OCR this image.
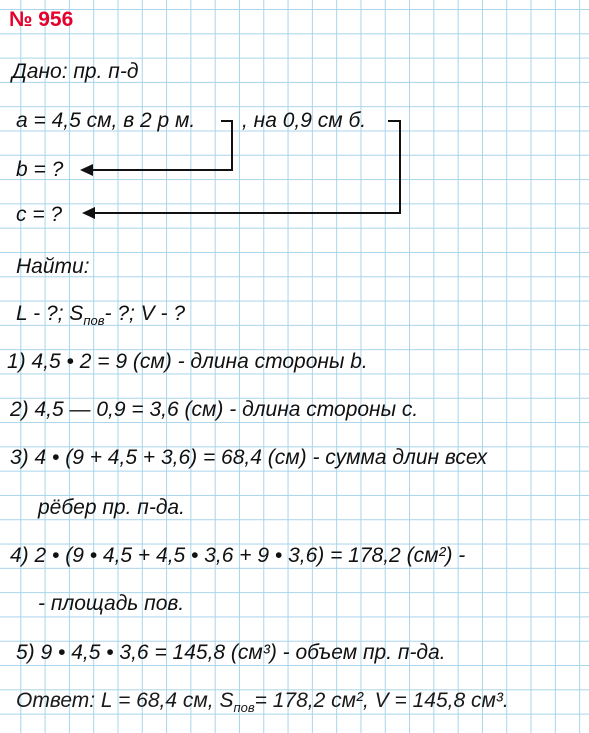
№ 956
Дано: пр. п-д
a = 4,5 см, в 2 р м. , на 0,9 см б.
b = ?
c = ?
Найти:
L - ?; $S_{пов}-$ ?; V - ?
1) 4,5 • 2 = 9 (см) - длина стороны b.
2) 4,5 — 0,9 = 3,6 (см) - длина стороны c.
3) 4 • (9 + 4,5 + 3,6) = 68,4 (см) - сумма длин всех
рёбер пр. п-да.
4) 2 • (9 • 4,5 + 4,5 • 3,6 + 9 • 3,6) = 178,2 (см²) -
- площадь пов.
5) 9 • 4,5 • 3,6 = 145,8 (см³) - объем пр. п-да.
Ответ: L = 68,4 см, $S_{пов}= 178,2$ см², V = 145,8 см³.
